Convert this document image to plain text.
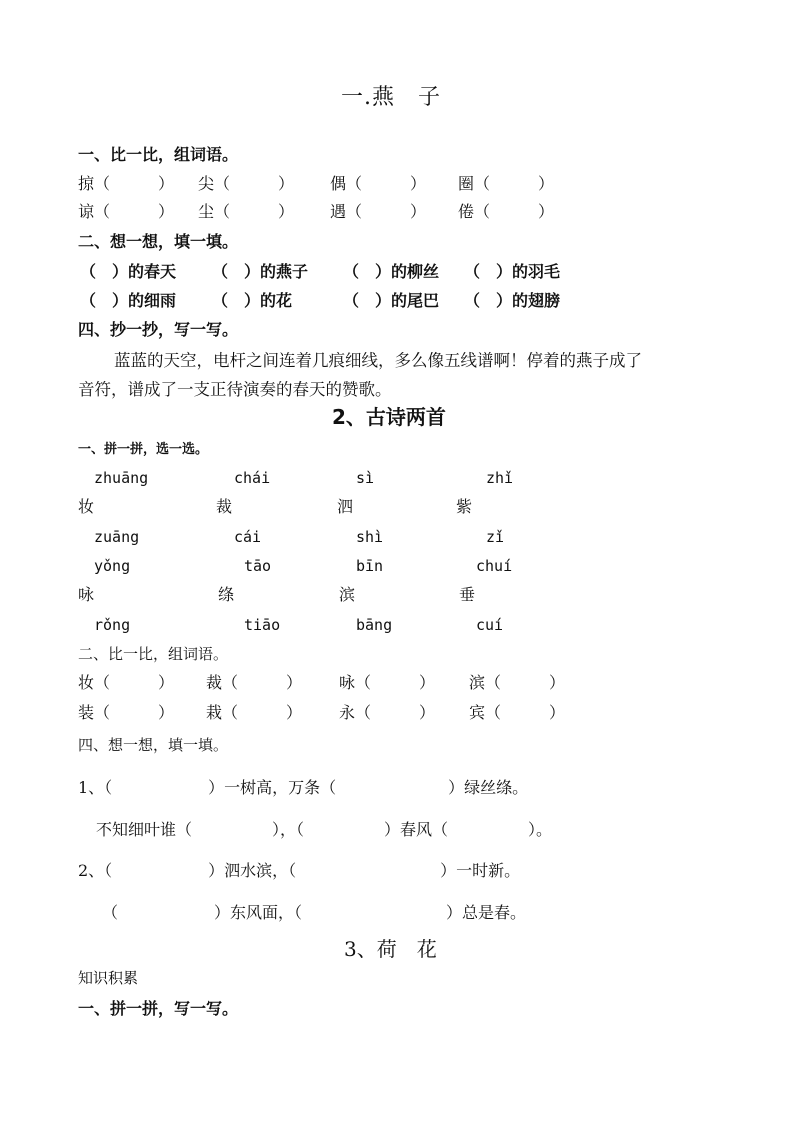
一.燕　子
一、比一比，组词语。
掠（　　　） 尖（　　　） 偶（　　　） 圈（　　　）
谅（　　　） 尘（　　　） 遇（　　　） 倦（　　　）
二、想一想，填一填。
（　）的春天 （　）的燕子 （　）的柳丝 （　）的羽毛
（　）的细雨 （　）的花	（　）的尾巴 （　）的翅膀
四、抄一抄，写一写。
蓝蓝的天空，电杆之间连着几痕细线，多么像五线谱啊！停着的燕子成了
音符，谱成了一支正待演奏的春天的赞歌。
2、古诗两首
一、拼一拼，选一选。
zhuāng	chái	sì	zhǐ
妆	裁	泗	紫
zuāng	cái	shì	zǐ
yǒng	tāo	bīn	chuí
咏	绦	滨	垂
rǒng	tiāo	bāng	cuí
二、比一比，组词语。
妆（　　　） 裁（　　　） 咏（　　　） 滨（　　　）
装（　　　） 栽（　　　） 永（　　　） 宾（　　　）
四、想一想，填一填。
1、（　　　　　　）一树高，万条（　　　　　　　）绿丝绦。
不知细叶谁（　　　　　），（　　　　　）春风（　　　　　）。
2、（　　　　　　）泗水滨，（　　　　　　　　　）一时新。
（　　　　　　）东风面，（　　　　　　　　　）总是春。
3、荷　花
知识积累
一、拼一拼，写一写。
